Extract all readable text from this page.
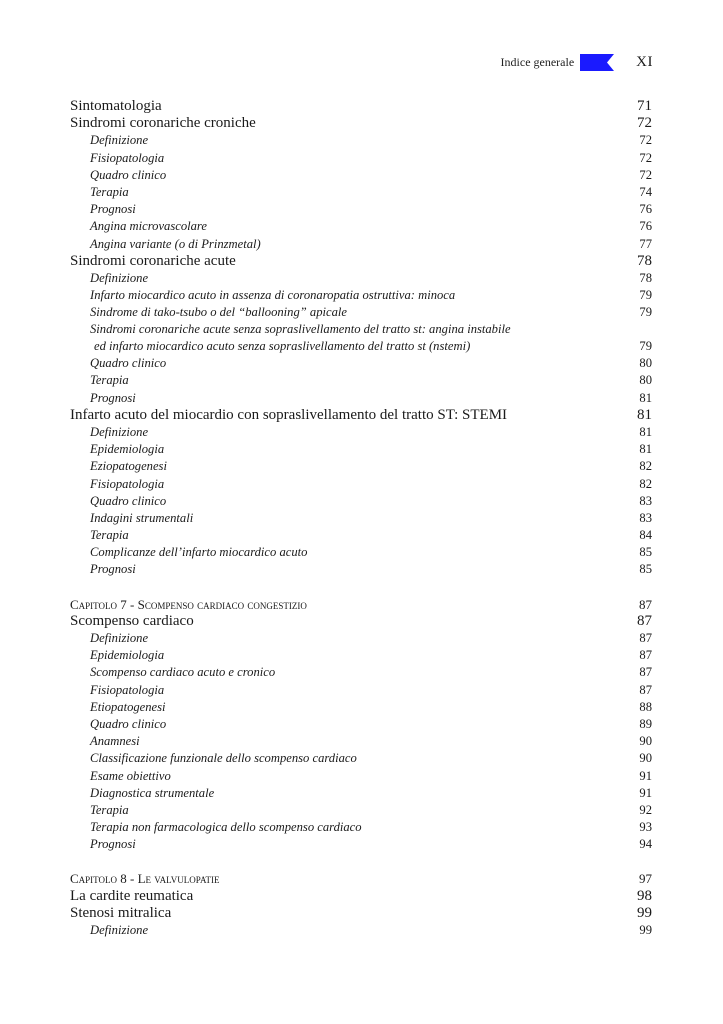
Indice generale	XI
Sintomatologia	71
Sindromi coronariche croniche	72
Definizione	72
Fisiopatologia	72
Quadro clinico	72
Terapia	74
Prognosi	76
Angina microvascolare	76
Angina variante (o di Prinzmetal)	77
Sindromi coronariche acute	78
Definizione	78
Infarto miocardico acuto in assenza di coronaropatia ostruttiva: minoca	79
Sindrome di tako-tsubo o del “ballooning” apicale	79
Sindromi coronariche acute senza sopraslivellamento del tratto st: angina instabile
ed infarto miocardico acuto senza sopraslivellamento del tratto st (nstemi)	79
Quadro clinico	80
Terapia	80
Prognosi	81
Infarto acuto del miocardio con sopraslivellamento del tratto ST: STEMI	81
Definizione	81
Epidemiologia	81
Eziopatogenesi	82
Fisiopatologia	82
Quadro clinico	83
Indagini strumentali	83
Terapia	84
Complicanze dell’infarto miocardico acuto	85
Prognosi	85
Capitolo 7 - Scompenso cardiaco congestizio	87
Scompenso cardiaco	87
Definizione	87
Epidemiologia	87
Scompenso cardiaco acuto e cronico	87
Fisiopatologia	87
Etiopatogenesi	88
Quadro clinico	89
Anamnesi	90
Classificazione funzionale dello scompenso cardiaco	90
Esame obiettivo	91
Diagnostica strumentale	91
Terapia	92
Terapia non farmacologica dello scompenso cardiaco	93
Prognosi	94
Capitolo 8 - Le valvulopatie	97
La cardite reumatica	98
Stenosi mitralica	99
Definizione	99
